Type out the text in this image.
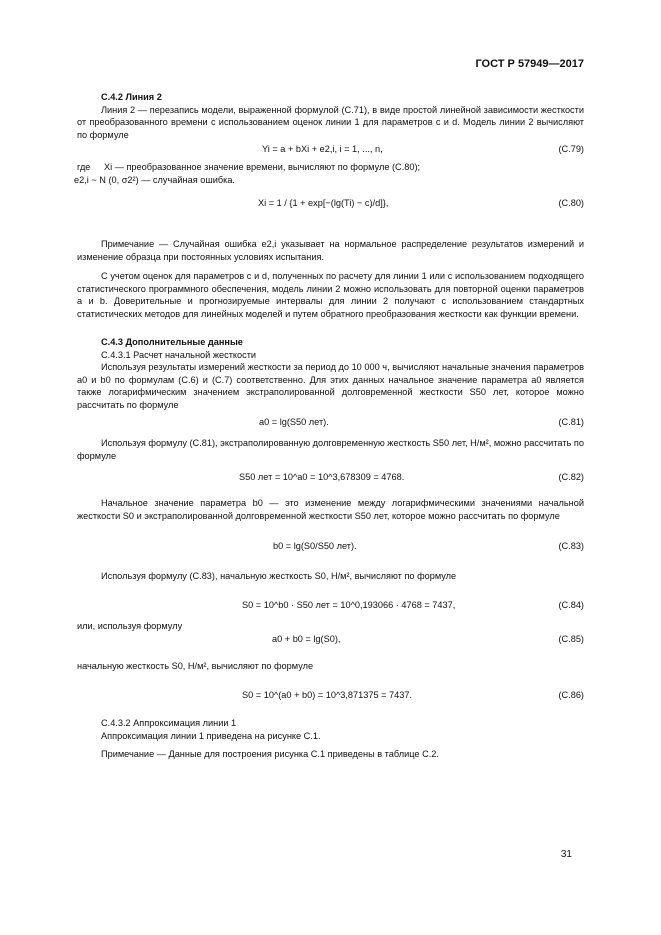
ГОСТ Р 57949—2017

С.4.2 Линия 2

Линия 2 — перезапись модели, выраженной формулой (С.71), в виде простой линейной зависимости жесткости от преобразованного времени с использованием оценок линии 1 для параметров c и d. Модель линии 2 вычисляют по формуле

Yi = a + bXi + e2,i, i = 1, ..., n,	(С.79)
где Xi — преобразованное значение времени, вычисляют по формуле (С.80);
e2,i ~ N (0, σ2²) — случайная ошибка.
Xi = 1 / {1 + exp[−(lg(Ti) − c)/d]},	(С.80)

Примечание — Случайная ошибка e2,i указывает на нормальное распределение результатов измерений и изменение образца при постоянных условиях испытания.

С учетом оценок для параметров c и d, полученных по расчету для линии 1 или с использованием подходящего статистического программного обеспечения, модель линии 2 можно использовать для повторной оценки параметров a и b. Доверительные и прогнозируемые интервалы для линии 2 получают с использованием стандартных статистических методов для линейных моделей и путем обратного преобразования жесткости как функции времени.

С.4.3 Дополнительные данные

С.4.3.1 Расчет начальной жесткости

Используя результаты измерений жесткости за период до 10 000 ч, вычисляют начальные значения параметров a0 и b0 по формулам (С.6) и (С.7) соответственно. Для этих данных начальное значение параметра a0 является также логарифмическим значением экстраполированной долговременной жесткости S50 лет, которое можно рассчитать по формуле

a0 = lg(S50 лет).	(С.81)

Используя формулу (С.81), экстраполированную долговременную жесткость S50 лет, Н/м², можно рассчитать по формуле

S50 лет = 10^a0 = 10^3,678309 = 4768.	(С.82)

Начальное значение параметра b0 — это изменение между логарифмическими значениями начальной жесткости S0 и экстраполированной долговременной жесткости S50 лет, которое можно рассчитать по формуле

b0 = lg(S0/S50 лет).	(С.83)

Используя формулу (С.83), начальную жесткость S0, Н/м², вычисляют по формуле

S0 = 10^b0 · S50 лет = 10^0,193066 · 4768 = 7437,	(С.84)

или, используя формулу

a0 + b0 = lg(S0),	(С.85)

начальную жесткость S0, Н/м², вычисляют по формуле

S0 = 10^(a0 + b0) = 10^3,871375 = 7437.	(С.86)

С.4.3.2 Аппроксимация линии 1

Аппроксимация линии 1 приведена на рисунке С.1.

Примечание — Данные для построения рисунка С.1 приведены в таблице С.2.

31
